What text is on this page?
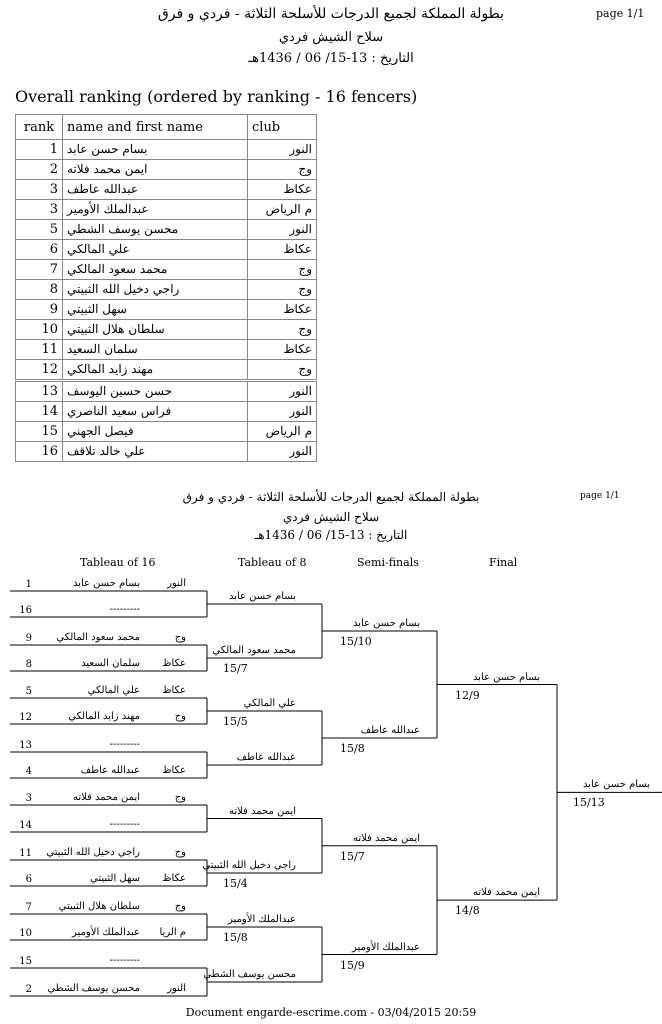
بطولة المملكة لجميع الدرجات للأسلحة الثلاثة - فردي و فرق	page 1/1
سلاح الشيش فردي
التاريخ : 13-15/ 06 / 1436هـ
Overall ranking (ordered by ranking - 16 fencers)
rank	name and first name	club
1	بسام حسن عابد	النور
2	ايمن محمد فلاته	وج
3	عبدالله عاطف	عكاظ
3	عبدالملك الأومير	م الرياض
5	محسن يوسف الشطي	النور
6	علي المالكي	عكاظ
7	محمد سعود المالكي	وج
8	راجي دخيل الله الثبيتي	وج
9	سهل الثبيتي	عكاظ
10	سلطان هلال الثبيتي	وج
11	سلمان السعيد	عكاظ
12	مهند زايد المالكي	وج
13	حسن حسين اليوسف	النور
14	فراس سعيد الناصري	النور
15	فيصل الجهني	م الرياض
16	علي خالد تلاقف	النور
بطولة المملكة لجميع الدرجات للأسلحة الثلاثة - فردي و فرق	page 1/1
سلاح الشيش فردي
التاريخ : 13-15/ 06 / 1436هـ
Tableau of 16	Tableau of 8	Semi-finals	Final
1	بسام حسن عابد	النور
16	---------
9	محمد سعود المالكي	وج
8	سلمان السعيد	عكاظ
5	علي المالكي	عكاظ
12	مهند زايد المالكي	وج
13	---------
4	عبدالله عاطف	عكاظ
3	ايمن محمد فلاته	وج
14	---------
11	راجي دخيل الله الثبيتي	وج
6	سهل الثبيتي	عكاظ
7	سلطان هلال الثبيتي	وج
10	عبدالملك الأومير	م الريا
15	---------
2	محسن يوسف الشطي	النور
بسام حسن عابد
محمد سعود المالكي
15/7
علي المالكي
15/5
عبدالله عاطف
ايمن محمد فلاته
راجي دخيل الله الثبيتي
15/4
عبدالملك الأومير
15/8
محسن يوسف الشطي
بسام حسن عابد
15/10
عبدالله عاطف
15/8
ايمن محمد فلاته
15/7
عبدالملك الأومير
15/9
بسام حسن عابد
12/9
ايمن محمد فلاته
14/8
بسام حسن عابد
15/13
Document engarde-escrime.com - 03/04/2015 20:59
